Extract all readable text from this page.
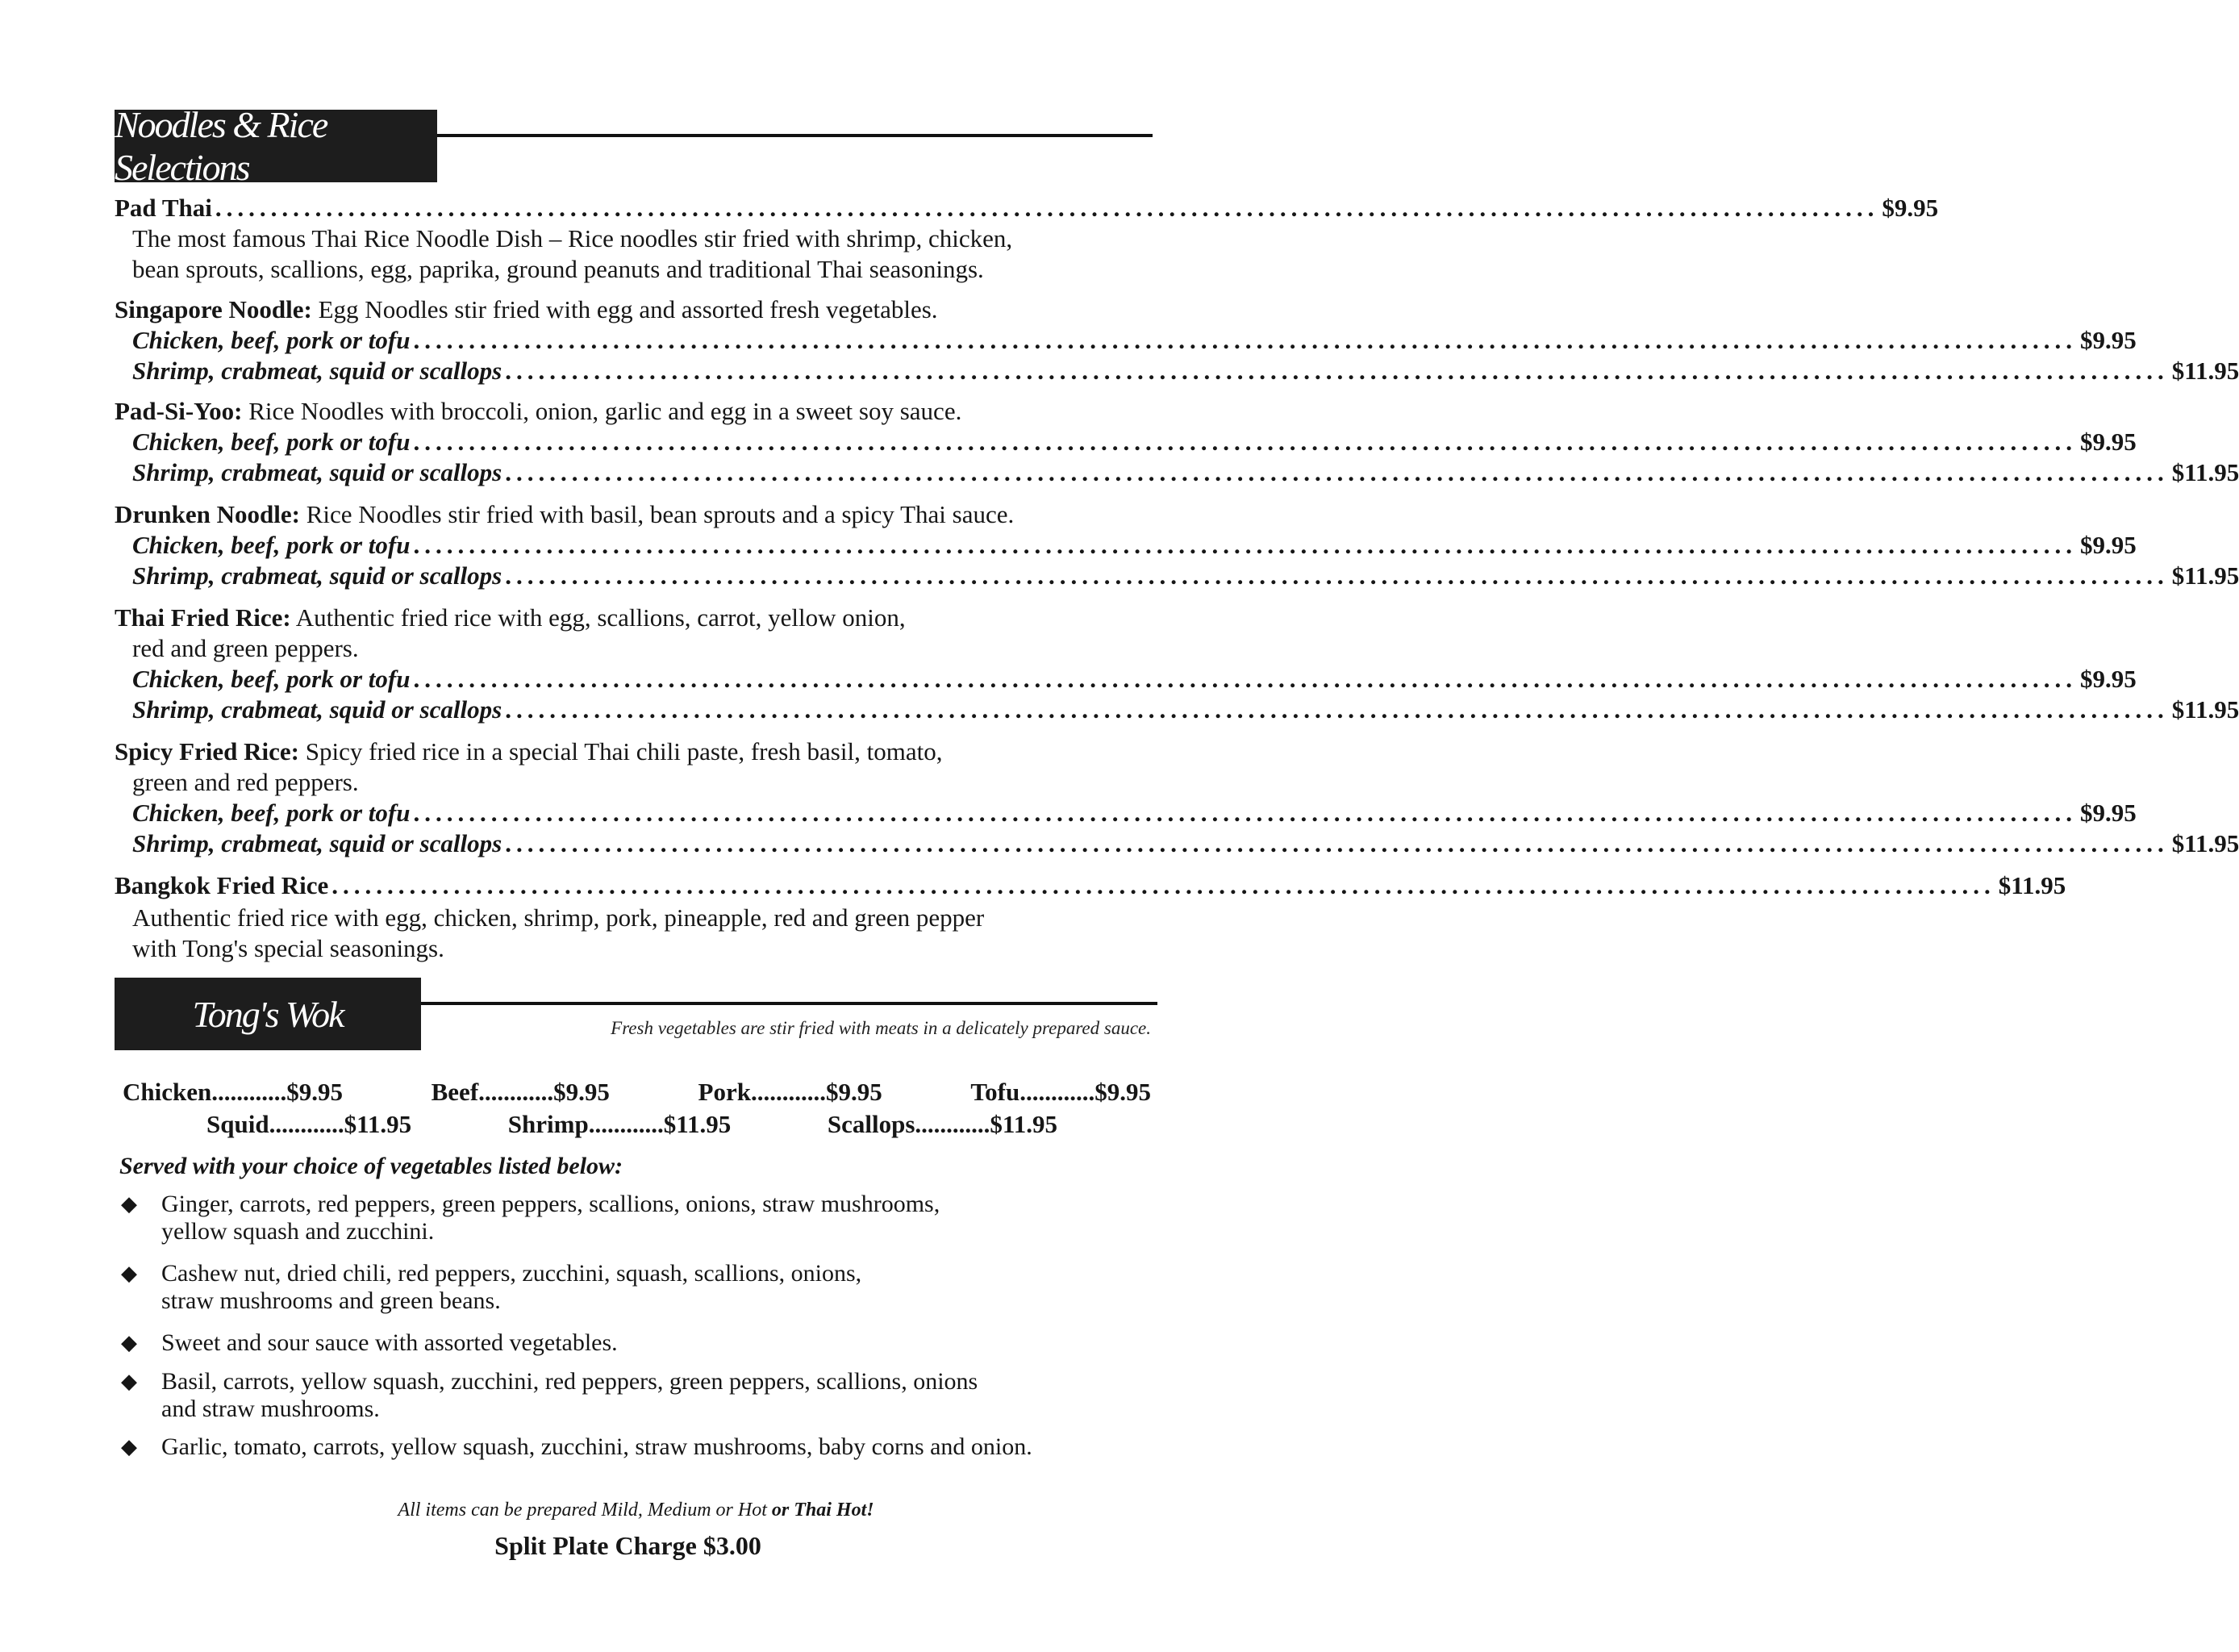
Noodles & Rice Selections
Pad Thai ...................................................................................................................................................... $9.95
The most famous Thai Rice Noodle Dish – Rice noodles stir fried with shrimp, chicken,
bean sprouts, scallions, egg, paprika, ground peanuts and traditional Thai seasonings.
Singapore Noodle: Egg Noodles stir fried with egg and assorted fresh vegetables.
Chicken, beef, pork or tofu ...................................................................................................................................................... $9.95
Shrimp, crabmeat, squid or scallops ...................................................................................................................................................... $11.95
Pad-Si-Yoo: Rice Noodles with broccoli, onion, garlic and egg in a sweet soy sauce.
Chicken, beef, pork or tofu ...................................................................................................................................................... $9.95
Shrimp, crabmeat, squid or scallops ...................................................................................................................................................... $11.95
Drunken Noodle: Rice Noodles stir fried with basil, bean sprouts and a spicy Thai sauce.
Chicken, beef, pork or tofu ...................................................................................................................................................... $9.95
Shrimp, crabmeat, squid or scallops ...................................................................................................................................................... $11.95
Thai Fried Rice: Authentic fried rice with egg, scallions, carrot, yellow onion,
red and green peppers.
Chicken, beef, pork or tofu ...................................................................................................................................................... $9.95
Shrimp, crabmeat, squid or scallops ...................................................................................................................................................... $11.95
Spicy Fried Rice: Spicy fried rice in a special Thai chili paste, fresh basil, tomato,
green and red peppers.
Chicken, beef, pork or tofu ...................................................................................................................................................... $9.95
Shrimp, crabmeat, squid or scallops ...................................................................................................................................................... $11.95
Bangkok Fried Rice ...................................................................................................................................................... $11.95
Authentic fried rice with egg, chicken, shrimp, pork, pineapple, red and green pepper
with Tong's special seasonings.
Tong's Wok	Fresh vegetables are stir fried with meats in a delicately prepared sauce.
Chicken............$9.95	Beef............$9.95	Pork............$9.95	Tofu............$9.95
Squid............$11.95	Shrimp............$11.95	Scallops............$11.95
Served with your choice of vegetables listed below:
◆ Ginger, carrots, red peppers, green peppers, scallions, onions, straw mushrooms,
yellow squash and zucchini.
◆ Cashew nut, dried chili, red peppers, zucchini, squash, scallions, onions,
straw mushrooms and green beans.
◆ Sweet and sour sauce with assorted vegetables.
◆ Basil, carrots, yellow squash, zucchini, red peppers, green peppers, scallions, onions
and straw mushrooms.
◆ Garlic, tomato, carrots, yellow squash, zucchini, straw mushrooms, baby corns and onion.
All items can be prepared Mild, Medium or Hot or Thai Hot!
Split Plate Charge $3.00
